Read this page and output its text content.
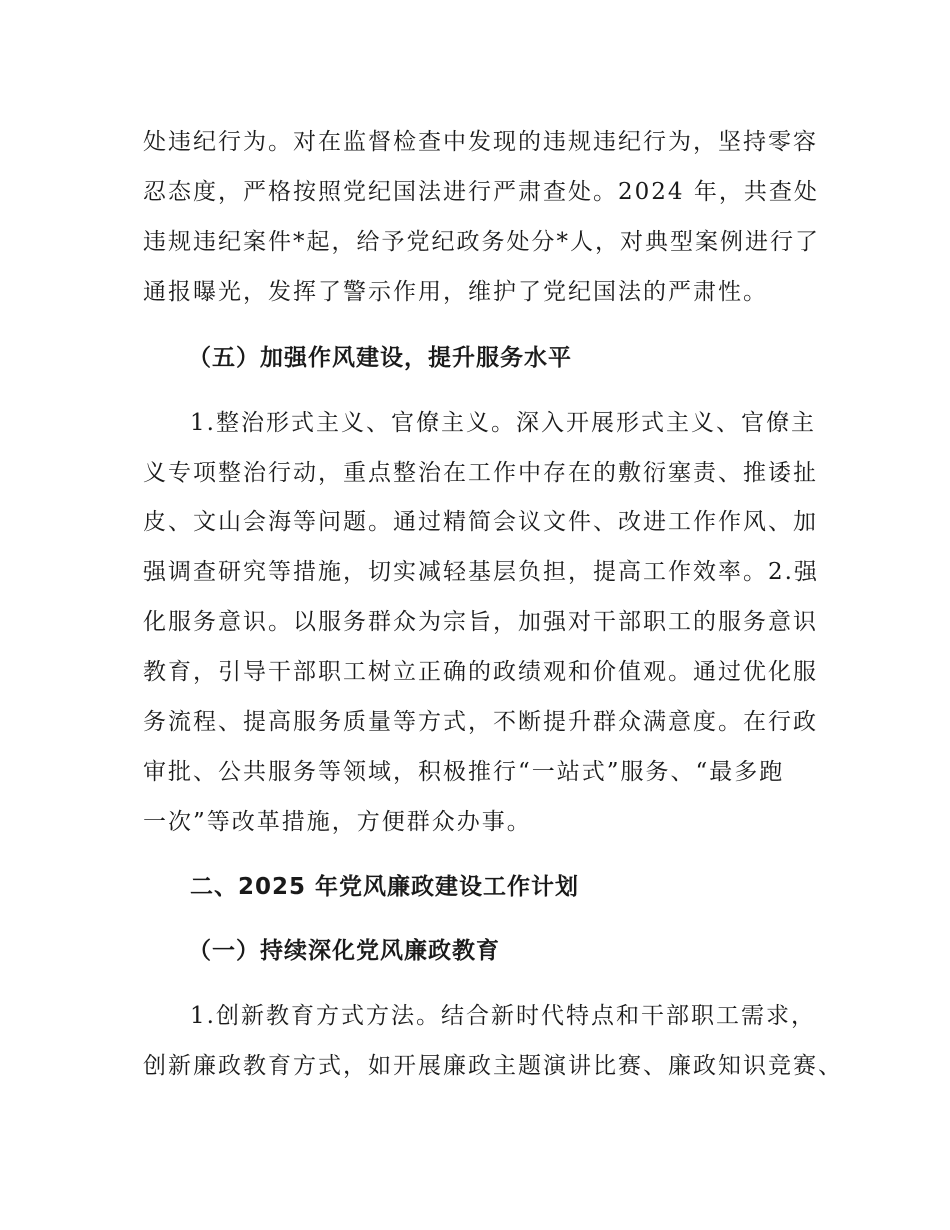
处违纪行为。对在监督检查中发现的违规违纪行为，坚持零容
忍态度，严格按照党纪国法进行严肃查处。2024 年，共查处
违规违纪案件*起，给予党纪政务处分*人，对典型案例进行了
通报曝光，发挥了警示作用，维护了党纪国法的严肃性。
（五）加强作风建设，提升服务水平
1.整治形式主义、官僚主义。深入开展形式主义、官僚主
义专项整治行动，重点整治在工作中存在的敷衍塞责、推诿扯
皮、文山会海等问题。通过精简会议文件、改进工作作风、加
强调查研究等措施，切实减轻基层负担，提高工作效率。2.强
化服务意识。以服务群众为宗旨，加强对干部职工的服务意识
教育，引导干部职工树立正确的政绩观和价值观。通过优化服
务流程、提高服务质量等方式，不断提升群众满意度。在行政
审批、公共服务等领域，积极推行“一站式”服务、“最多跑
一次”等改革措施，方便群众办事。
二、2025 年党风廉政建设工作计划
（一）持续深化党风廉政教育
1.创新教育方式方法。结合新时代特点和干部职工需求，
创新廉政教育方式，如开展廉政主题演讲比赛、廉政知识竞赛、
